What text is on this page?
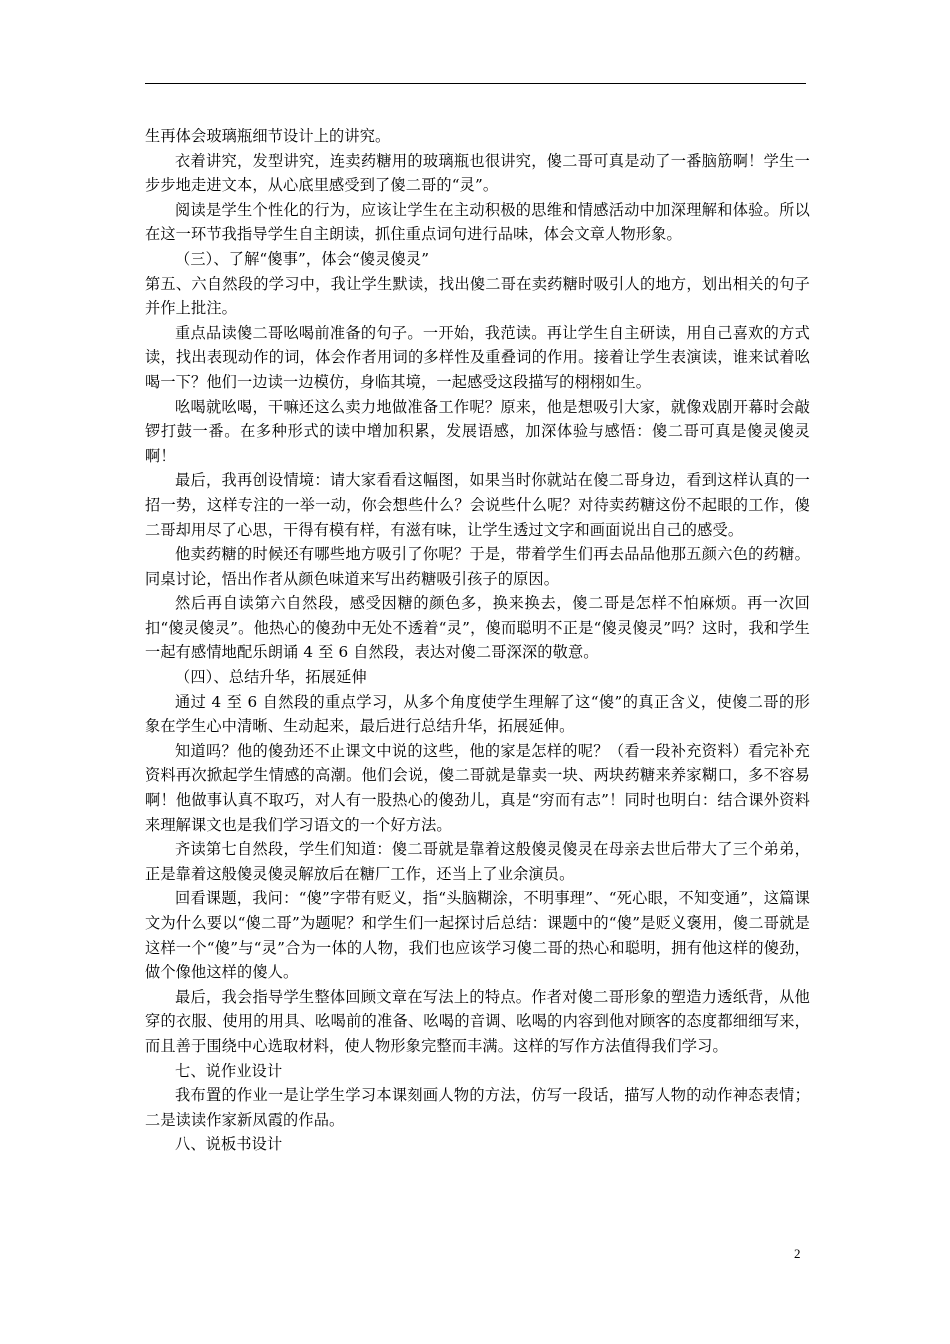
生再体会玻璃瓶细节设计上的讲究。

衣着讲究，发型讲究，连卖药糖用的玻璃瓶也很讲究，傻二哥可真是动了一番脑筋啊！学生一步步地走进文本，从心底里感受到了傻二哥的“灵”。

阅读是学生个性化的行为，应该让学生在主动积极的思维和情感活动中加深理解和体验。所以在这一环节我指导学生自主朗读，抓住重点词句进行品味，体会文章人物形象。

（三）、了解“傻事”，体会“傻灵傻灵”

第五、六自然段的学习中，我让学生默读，找出傻二哥在卖药糖时吸引人的地方，划出相关的句子并作上批注。

重点品读傻二哥吆喝前准备的句子。一开始，我范读。再让学生自主研读，用自己喜欢的方式读，找出表现动作的词，体会作者用词的多样性及重叠词的作用。接着让学生表演读，谁来试着吆喝一下？他们一边读一边模仿，身临其境，一起感受这段描写的栩栩如生。

吆喝就吆喝，干嘛还这么卖力地做准备工作呢？原来，他是想吸引大家，就像戏剧开幕时会敲锣打鼓一番。在多种形式的读中增加积累，发展语感，加深体验与感悟：傻二哥可真是傻灵傻灵啊！

最后，我再创设情境：请大家看看这幅图，如果当时你就站在傻二哥身边，看到这样认真的一招一势，这样专注的一举一动，你会想些什么？会说些什么呢？对待卖药糖这份不起眼的工作，傻二哥却用尽了心思，干得有模有样，有滋有味，让学生透过文字和画面说出自己的感受。

他卖药糖的时候还有哪些地方吸引了你呢？于是，带着学生们再去品品他那五颜六色的药糖。同桌讨论，悟出作者从颜色味道来写出药糖吸引孩子的原因。

然后再自读第六自然段，感受因糖的颜色多，换来换去，傻二哥是怎样不怕麻烦。再一次回扣“傻灵傻灵”。他热心的傻劲中无处不透着“灵”，傻而聪明不正是“傻灵傻灵”吗？这时，我和学生一起有感情地配乐朗诵 4 至 6 自然段，表达对傻二哥深深的敬意。

（四）、总结升华，拓展延伸

通过 4 至 6 自然段的重点学习，从多个角度使学生理解了这“傻”的真正含义，使傻二哥的形象在学生心中清晰、生动起来，最后进行总结升华，拓展延伸。

知道吗？他的傻劲还不止课文中说的这些，他的家是怎样的呢？（看一段补充资料）看完补充资料再次掀起学生情感的高潮。他们会说，傻二哥就是靠卖一块、两块药糖来养家糊口，多不容易啊！他做事认真不取巧，对人有一股热心的傻劲儿，真是“穷而有志”！同时也明白：结合课外资料来理解课文也是我们学习语文的一个好方法。

齐读第七自然段，学生们知道：傻二哥就是靠着这般傻灵傻灵在母亲去世后带大了三个弟弟，正是靠着这般傻灵傻灵解放后在糖厂工作，还当上了业余演员。

回看课题，我问：“傻”字带有贬义，指“头脑糊涂，不明事理”、“死心眼，不知变通”，这篇课文为什么要以“傻二哥”为题呢？和学生们一起探讨后总结：课题中的“傻”是贬义褒用，傻二哥就是这样一个“傻”与“灵”合为一体的人物，我们也应该学习傻二哥的热心和聪明，拥有他这样的傻劲，做个像他这样的傻人。

最后，我会指导学生整体回顾文章在写法上的特点。作者对傻二哥形象的塑造力透纸背，从他穿的衣服、使用的用具、吆喝前的准备、吆喝的音调、吆喝的内容到他对顾客的态度都细细写来，而且善于围绕中心选取材料，使人物形象完整而丰满。这样的写作方法值得我们学习。

七、说作业设计

我布置的作业一是让学生学习本课刻画人物的方法，仿写一段话，描写人物的动作神态表情；二是读读作家新凤霞的作品。

八、说板书设计

2
